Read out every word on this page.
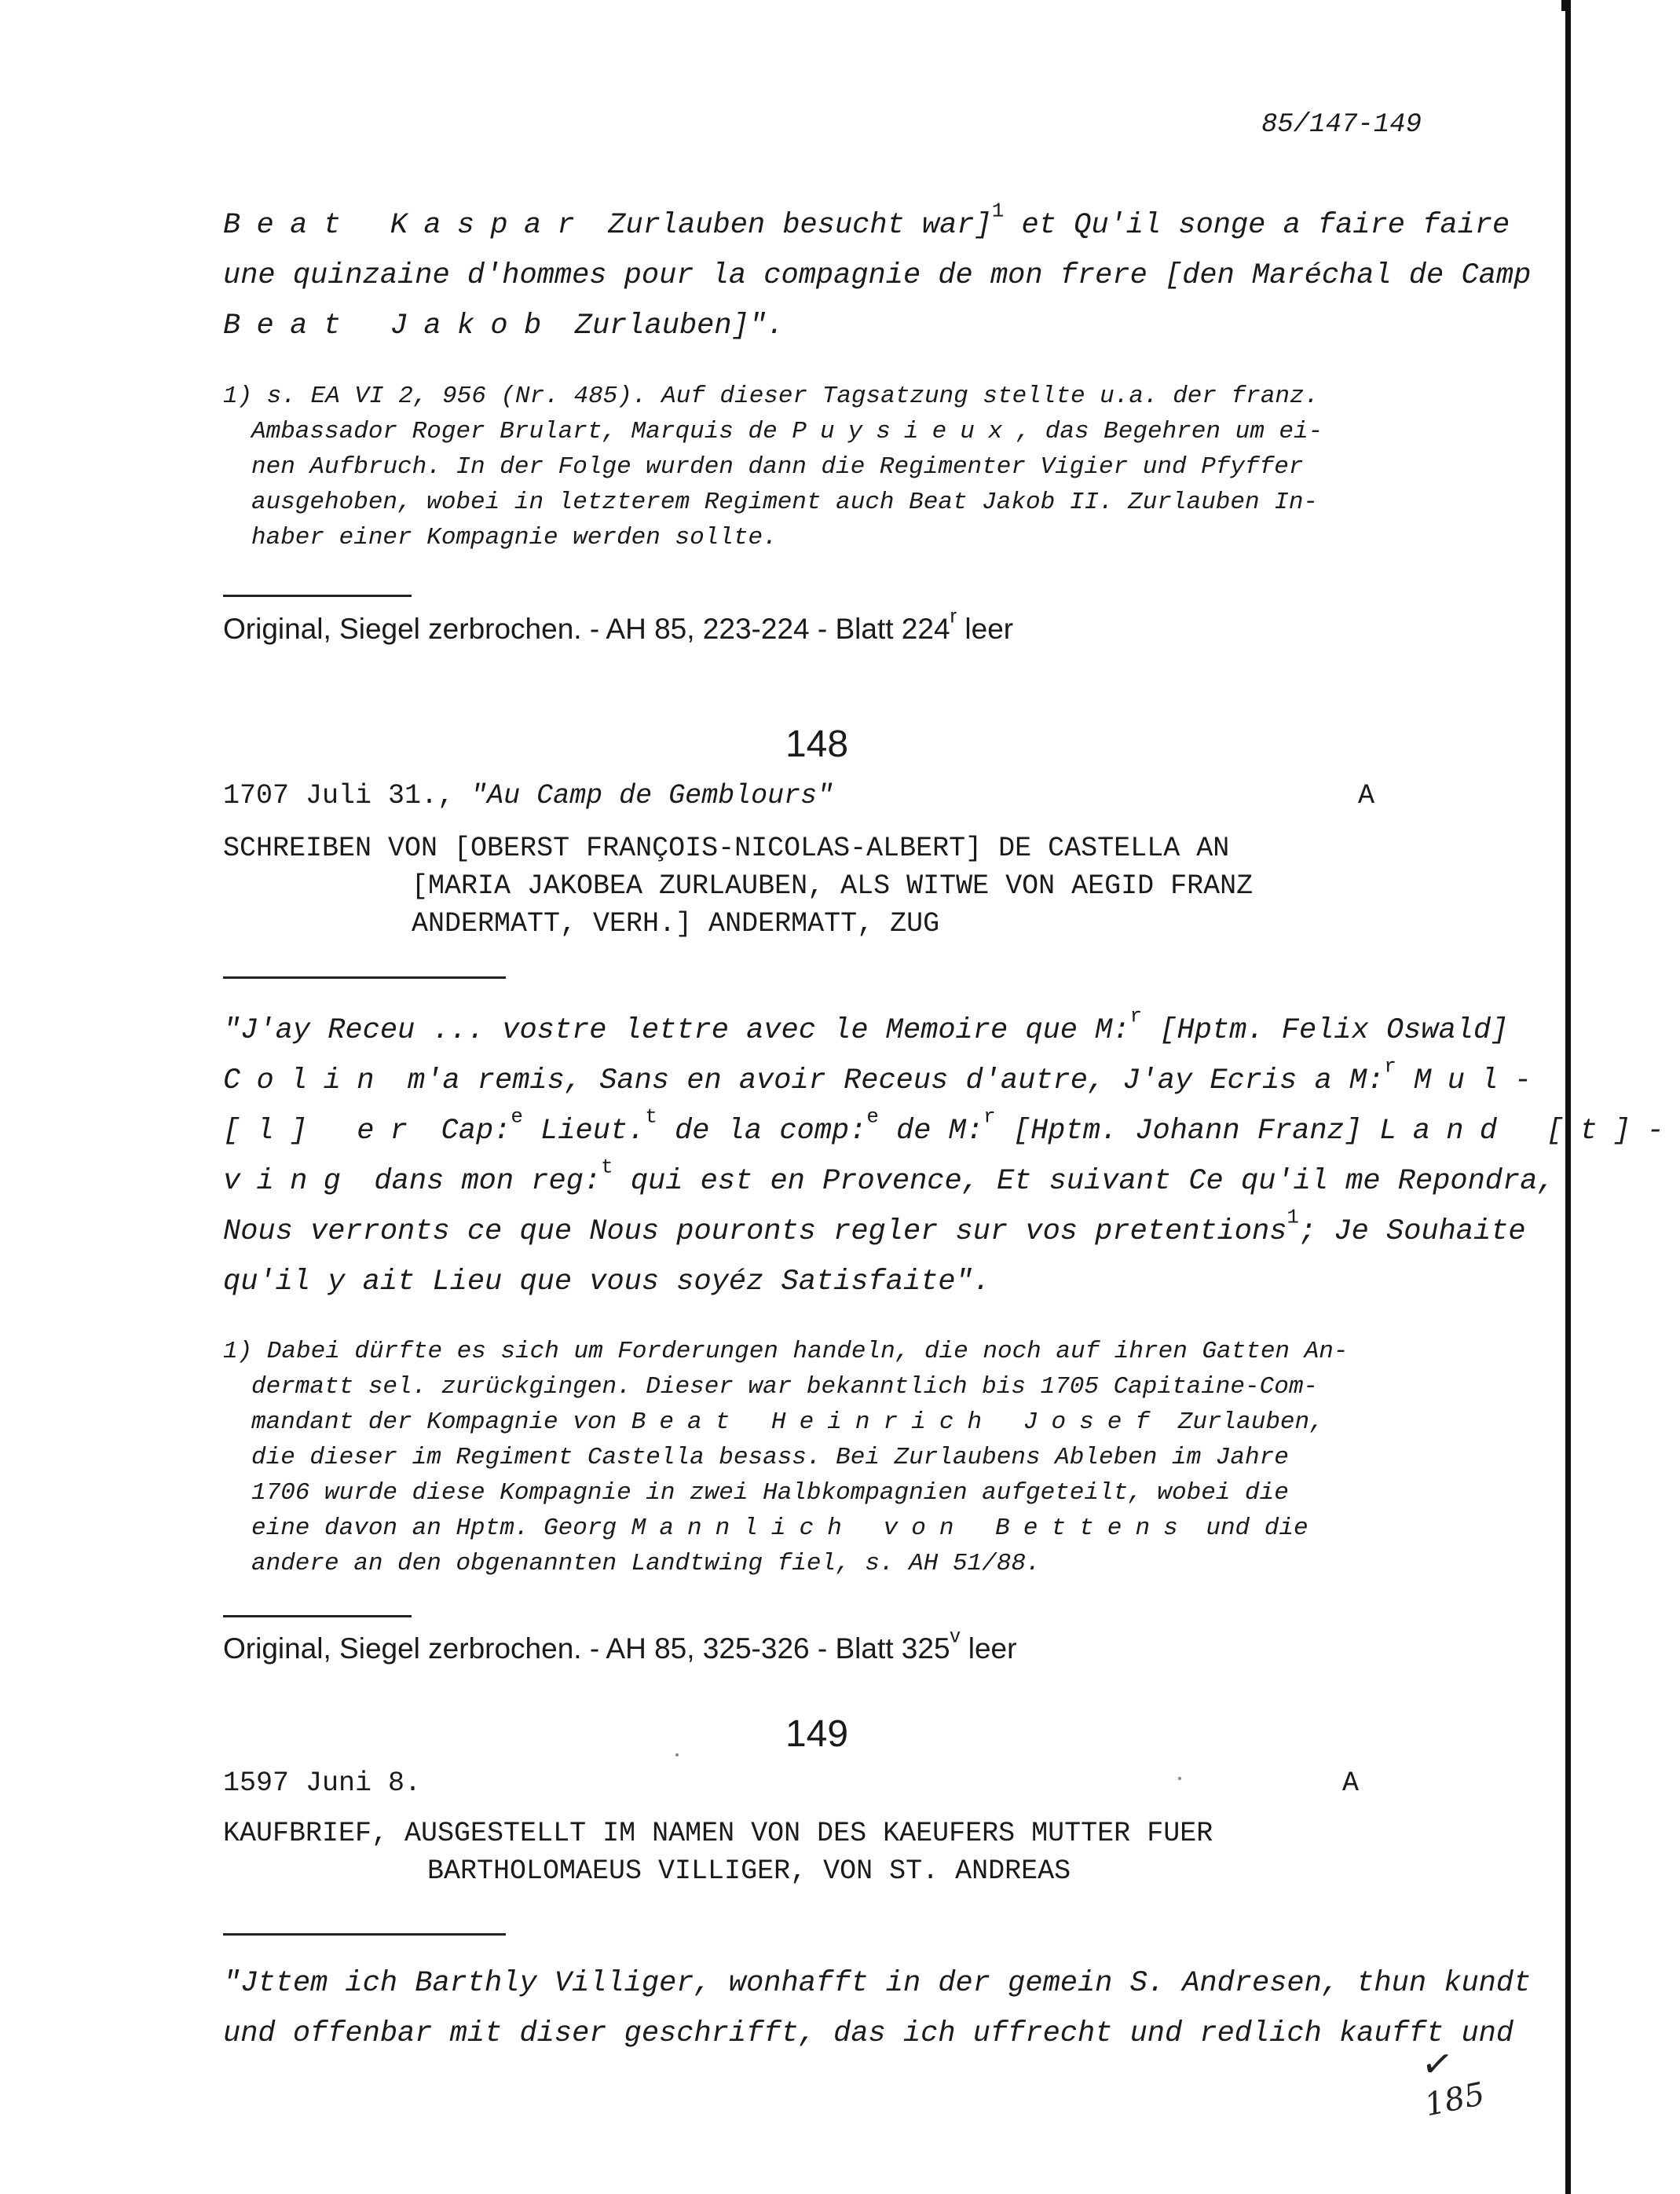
85/147-149
Beat Kaspar Zurlauben besucht war]$^1$ et Qu'il songe a faire faire
une quinzaine d'hommes pour la compagnie de mon frere [den Maréchal de Camp
Beat Jakob Zurlauben]".
1) s. EA VI 2, 956 (Nr. 485). Auf dieser Tagsatzung stellte u.a. der franz.
Ambassador Roger Brulart, Marquis de Puysieux, das Begehren um ei-
nen Aufbruch. In der Folge wurden dann die Regimenter Vigier und Pfyffer
ausgehoben, wobei in letzterem Regiment auch Beat Jakob II. Zurlauben In-
haber einer Kompagnie werden sollte.
Original, Siegel zerbrochen. - AH 85, 223-224 - Blatt 224$^r$ leer
148
1707 Juli 31., "Au Camp de Gemblours"	A
SCHREIBEN VON [OBERST FRANÇOIS-NICOLAS-ALBERT] DE CASTELLA AN
[MARIA JAKOBEA ZURLAUBEN, ALS WITWE VON AEGID FRANZ
ANDERMATT, VERH.] ANDERMATT, ZUG
"J'ay Receu ... vostre lettre avec le Memoire que M:$^r$ [Hptm. Felix Oswald]
Colin m'a remis, Sans en avoir Receus d'autre, J'ay Ecris a M:$^r$ Mul-
[l] er Cap:$^e$ Lieut.$^t$ de la comp:$^e$ de M:$^r$ [Hptm. Johann Franz] Land [t]-
ving dans mon reg:$^t$ qui est en Provence, Et suivant Ce qu'il me Repondra,
Nous verronts ce que Nous pouronts regler sur vos pretentions$^1$; Je Souhaite
qu'il y ait Lieu que vous soyéz Satisfaite".
1) Dabei dürfte es sich um Forderungen handeln, die noch auf ihren Gatten An-
dermatt sel. zurückgingen. Dieser war bekanntlich bis 1705 Capitaine-Com-
mandant der Kompagnie von Beat Heinrich Josef Zurlauben,
die dieser im Regiment Castella besass. Bei Zurlaubens Ableben im Jahre
1706 wurde diese Kompagnie in zwei Halbkompagnien aufgeteilt, wobei die
eine davon an Hptm. Georg Mannlich von Bettens und die
andere an den obgenannten Landtwing fiel, s. AH 51/88.
Original, Siegel zerbrochen. - AH 85, 325-326 - Blatt 325$^v$ leer
149
1597 Juni 8.	A
KAUFBRIEF, AUSGESTELLT IM NAMEN VON DES KAEUFERS MUTTER FUER
BARTHOLOMAEUS VILLIGER, VON ST. ANDREAS
"Jttem ich Barthly Villiger, wonhafft in der gemein S. Andresen, thun kundt
und offenbar mit diser geschrifft, das ich uffrecht und redlich kaufft und
✓
185
